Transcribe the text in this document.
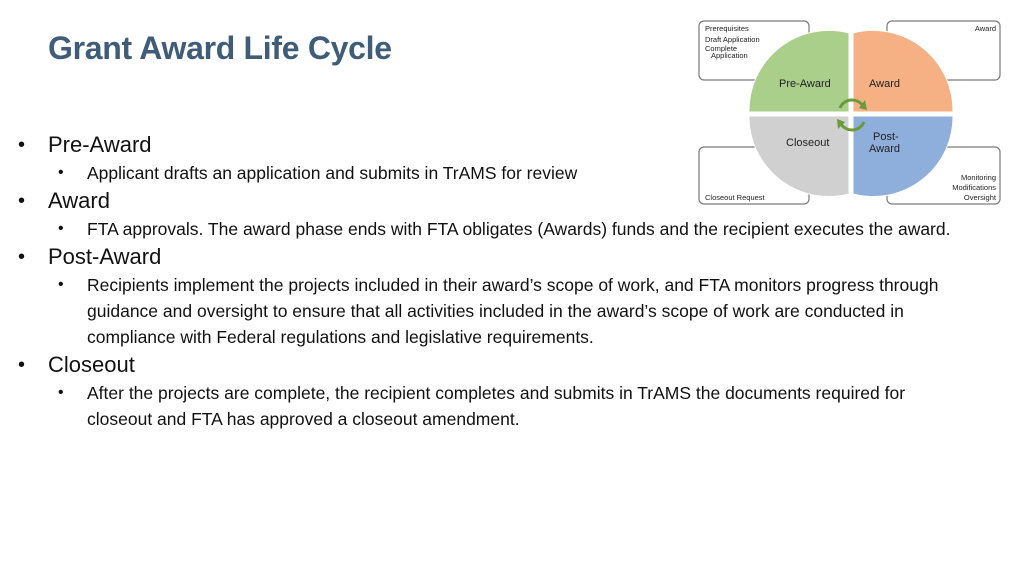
Grant Award Life Cycle
• Pre-Award
• Applicant drafts an application and submits in TrAMS for review
• Award
• FTA approvals. The award phase ends with FTA obligates (Awards) funds and the recipient executes the award.
• Post-Award
• Recipients implement the projects included in their award’s scope of work, and FTA monitors progress through guidance and oversight to ensure that all activities included in the award’s scope of work are conducted in compliance with Federal regulations and legislative requirements.
• Closeout
• After the projects are complete, the recipient completes and submits in TrAMS the documents required for closeout and FTA has approved a closeout amendment.
Pre-Award	Award
Post-
Award
Closeout
Prerequisites
Draft Application
Complete
Application
Award
Monitoring
Modifications
Oversight
Closeout Request
